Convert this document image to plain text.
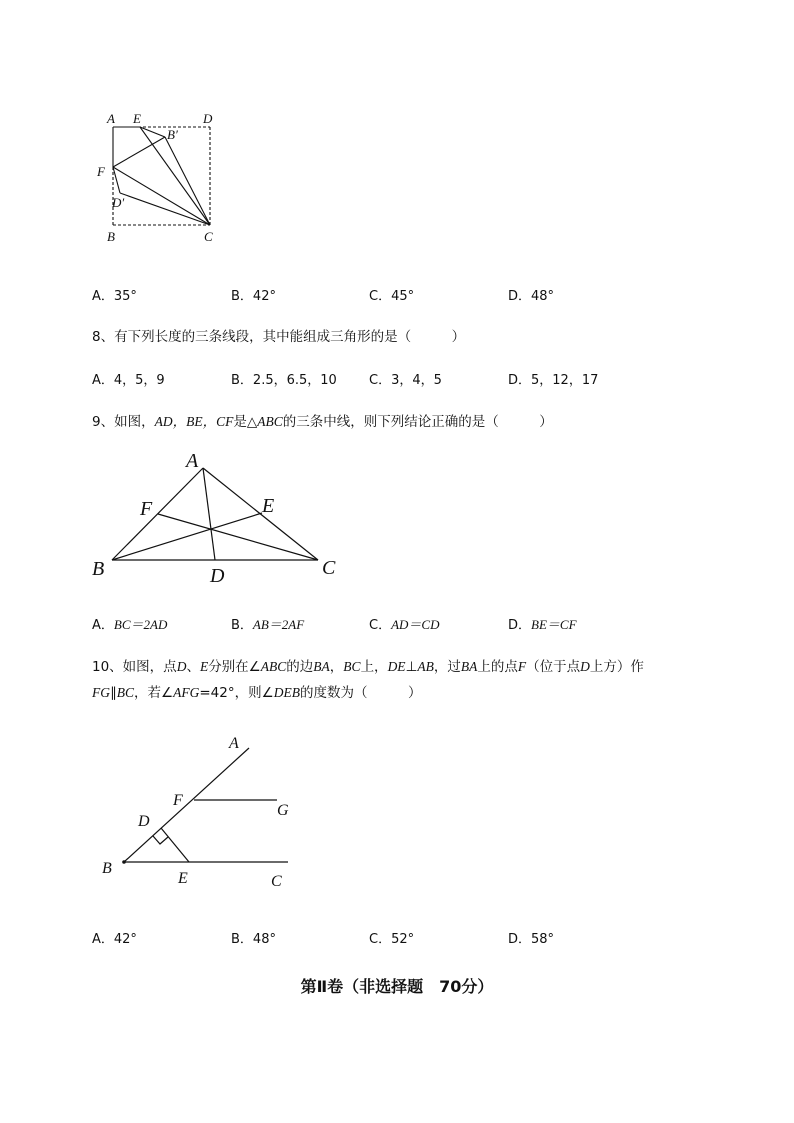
A E	D
B′
F
D′
B	C
A．35°	B．42°	C．45°	D．48°
8、有下列长度的三条线段，其中能组成三角形的是（　　　）
A．4，5，9	B．2.5，6.5，10 C．3，4，5	D．5，12，17
9、如图，AD，BE，CF是△ABC的三条中线，则下列结论正确的是（　　　）
A
F	E
B	D	C
A．BC＝2AD	B．AB＝2AF	C．AD＝CD	D．BE＝CF
10、如图，点D、E分别在∠ABC的边BA，BC上，DE⊥AB，过BA上的点F（位于点D上方）作
FG∥BC，若∠AFG=42°，则∠DEB的度数为（　　　）
A
F
G
D
B
E	C
A．42°	B．48°	C．52°	D．58°
第Ⅱ卷（非选择题　70分）
